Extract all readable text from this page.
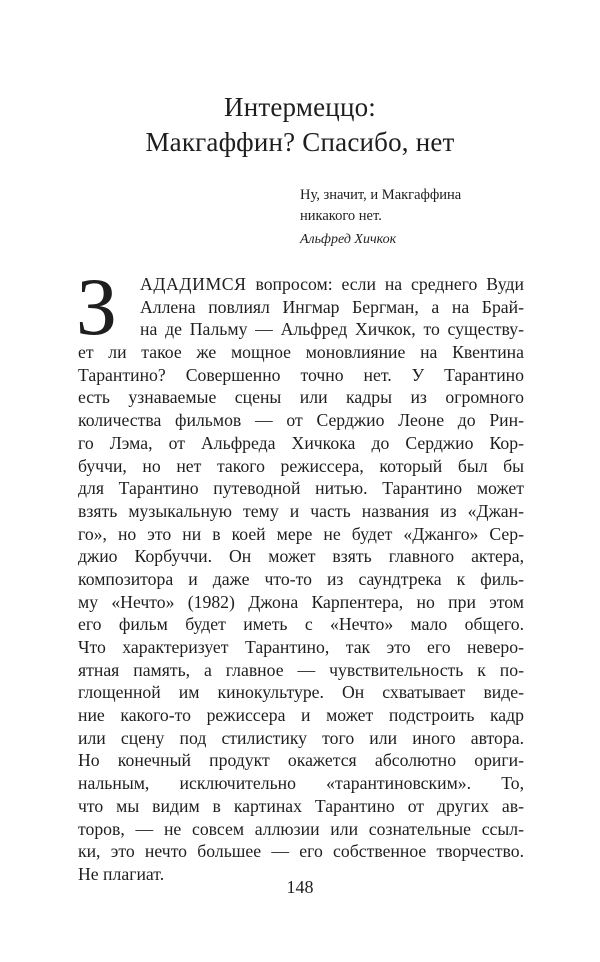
Интермеццо:
Макгаффин? Спасибо, нет
Ну, значит, и Макгаффина
никакого нет.
Альфред Хичкок
З	АДАДИМСЯ вопросом: если на среднего Вуди
Аллена повлиял Ингмар Бергман, а на Брай-
на де Пальму — Альфред Хичкок, то существу-
ет ли такое же мощное моновлияние на Квентина
Тарантино? Совершенно точно нет. У Тарантино
есть узнаваемые сцены или кадры из огромного
количества фильмов — от Серджио Леоне до Рин-
го Лэма, от Альфреда Хичкока до Серджио Кор-
буччи, но нет такого режиссера, который был бы
для Тарантино путеводной нитью. Тарантино может
взять музыкальную тему и часть названия из «Джан-
го», но это ни в коей мере не будет «Джанго» Сер-
джио Корбуччи. Он может взять главного актера,
композитора и даже что-то из саундтрека к филь-
му «Нечто» (1982) Джона Карпентера, но при этом
его фильм будет иметь с «Нечто» мало общего.
Что характеризует Тарантино, так это его неверо-
ятная память, а главное — чувствительность к по-
глощенной им кинокультуре. Он схватывает виде-
ние какого-то режиссера и может подстроить кадр
или сцену под стилистику того или иного автора.
Но конечный продукт окажется абсолютно ориги-
нальным, исключительно «тарантиновским». То,
что мы видим в картинах Тарантино от других ав-
торов, — не совсем аллюзии или сознательные ссыл-
ки, это нечто большее — его собственное творчество.
Не плагиат.
148
